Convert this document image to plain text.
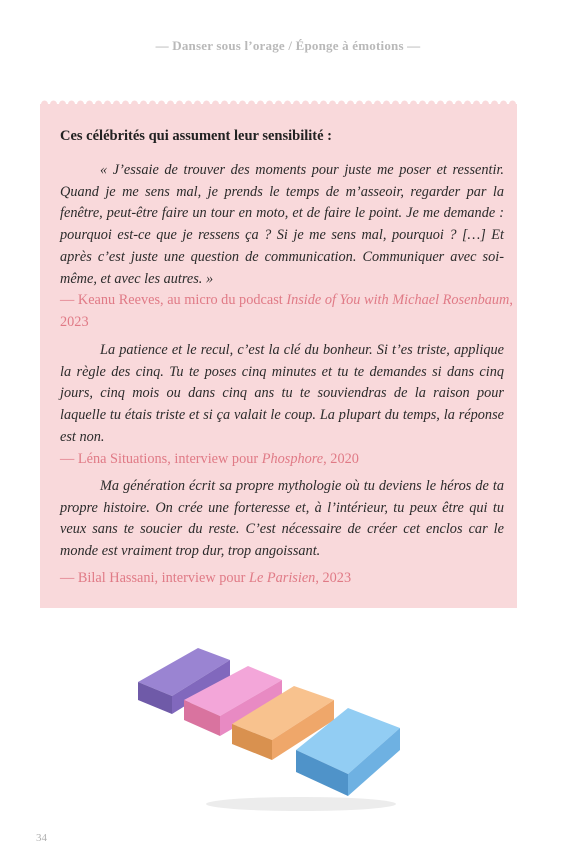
— Danser sous l’orage / Éponge à émotions —
Ces célébrités qui assument leur sensibilité :
« J’essaie de trouver des moments pour juste me poser et ressentir. Quand je me sens mal, je prends le temps de m’asseoir, regarder par la fenêtre, peut-être faire un tour en moto, et de faire le point. Je me demande : pourquoi est-ce que je ressens ça ? Si je me sens mal, pourquoi ? […] Et après c’est juste une question de communication. Communiquer avec soi-même, et avec les autres. »
— Keanu Reeves, au micro du podcast Inside of You with Michael Rosenbaum, 2023
La patience et le recul, c’est la clé du bonheur. Si t’es triste, applique la règle des cinq. Tu te poses cinq minutes et tu te demandes si dans cinq jours, cinq mois ou dans cinq ans tu te souviendras de la raison pour laquelle tu étais triste et si ça valait le coup. La plupart du temps, la réponse est non.
— Léna Situations, interview pour Phosphore, 2020
Ma génération écrit sa propre mythologie où tu deviens le héros de ta propre histoire. On crée une forteresse et, à l’intérieur, tu peux être qui tu veux sans te soucier du reste. C’est nécessaire de créer cet enclos car le monde est vraiment trop dur, trop angoissant.
— Bilal Hassani, interview pour Le Parisien, 2023
34
